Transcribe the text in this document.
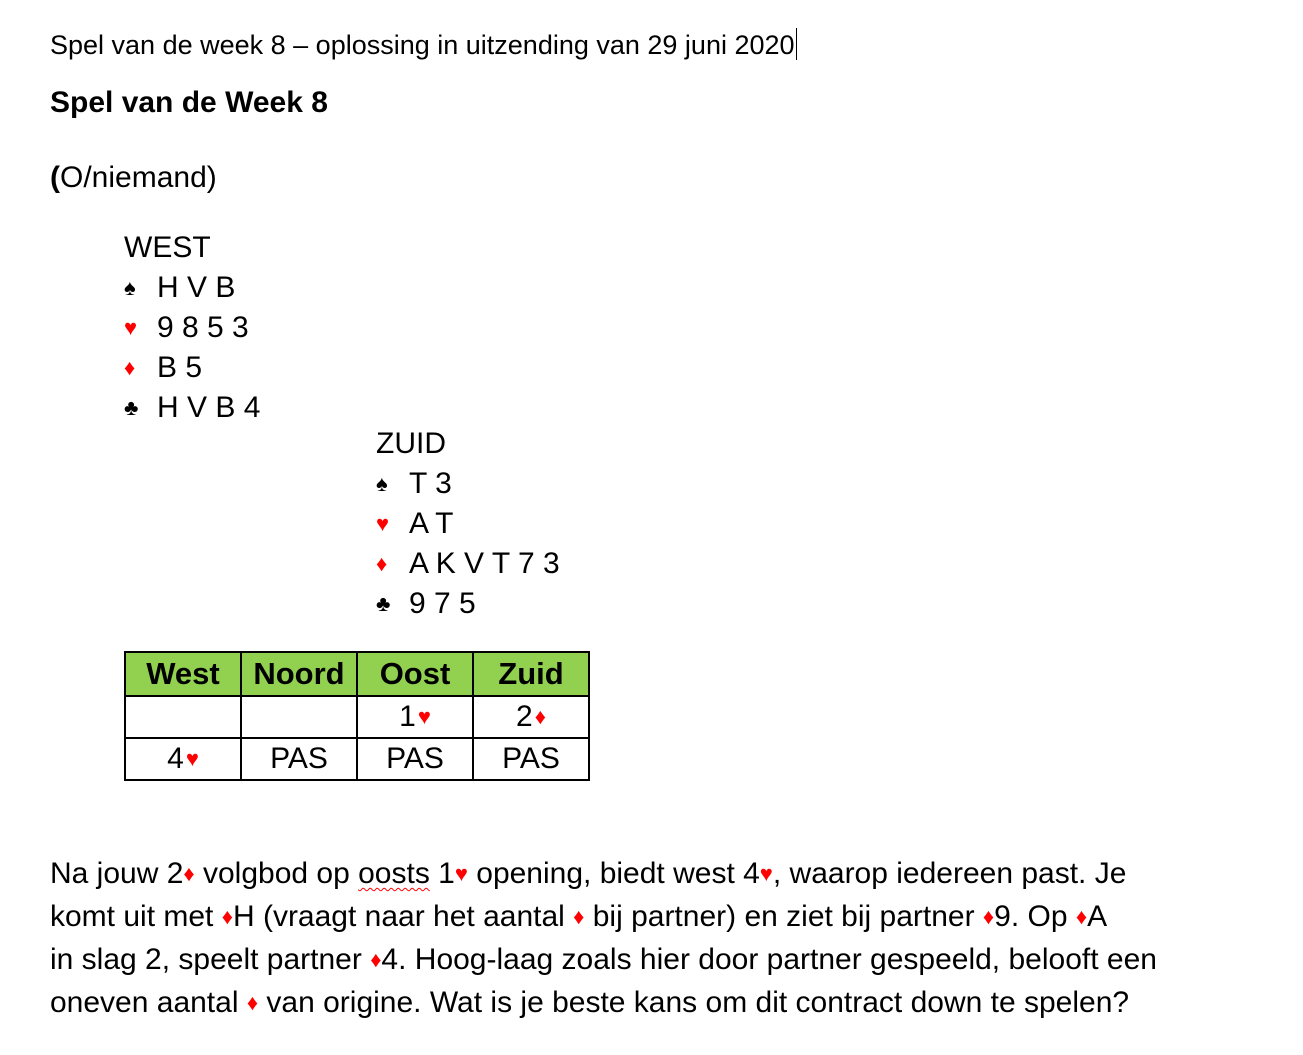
Spel van de week 8 – oplossing in uitzending van 29 juni 2020
Spel van de Week 8
(O/niemand)
WEST
♠ H V B
♥ 9 8 5 3
♦ B 5
♣ H V B 4
ZUID
♠ T 3
♥ A T
♦ A K V T 7 3
♣ 9 7 5
West	Noord	Oost	Zuid
		1♥	2♦
4♥	PAS	PAS	PAS
Na jouw 2♦ volgbod op oosts 1♥ opening, biedt west 4♥, waarop iedereen past. Je
komt uit met ♦H (vraagt naar het aantal ♦ bij partner) en ziet bij partner ♦9. Op ♦A
in slag 2, speelt partner ♦4. Hoog-laag zoals hier door partner gespeeld, belooft een
oneven aantal ♦ van origine. Wat is je beste kans om dit contract down te spelen?
